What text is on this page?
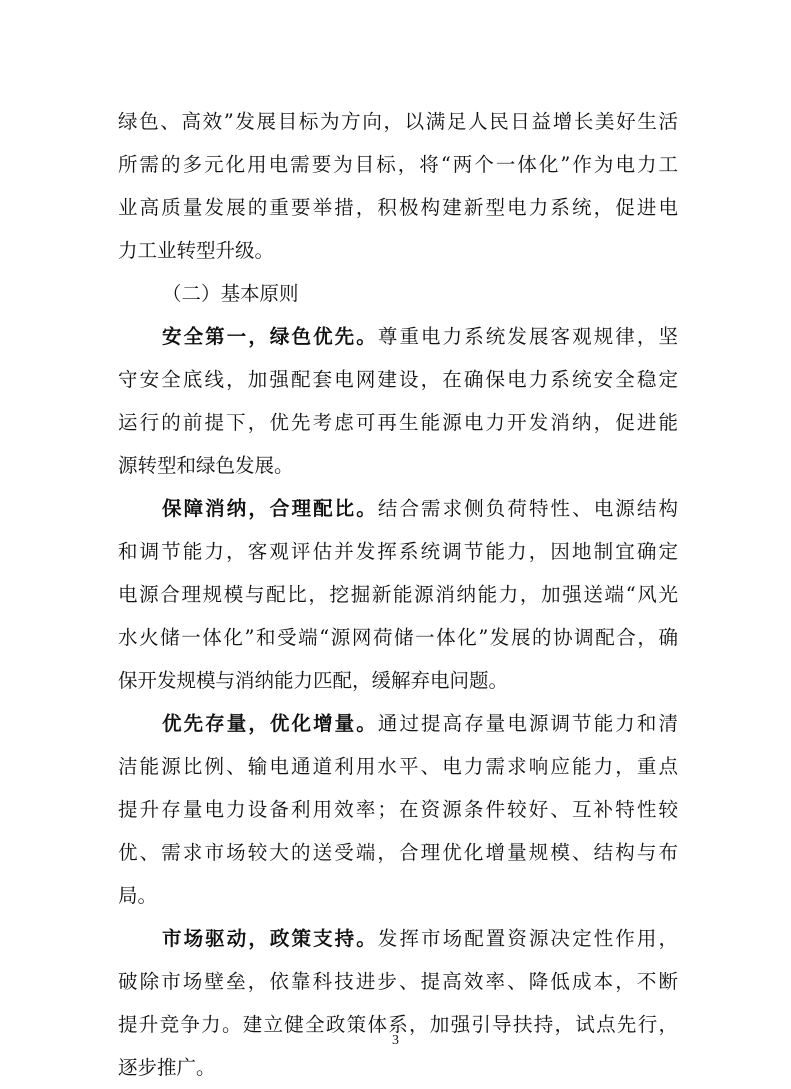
绿色、高效”发展目标为方向，以满足人民日益增长美好生活
所需的多元化用电需要为目标，将“两个一体化”作为电力工
业高质量发展的重要举措，积极构建新型电力系统，促进电
力工业转型升级。
（二）基本原则
安全第一，绿色优先。尊重电力系统发展客观规律，坚
守安全底线，加强配套电网建设，在确保电力系统安全稳定
运行的前提下，优先考虑可再生能源电力开发消纳，促进能
源转型和绿色发展。
保障消纳，合理配比。结合需求侧负荷特性、电源结构
和调节能力，客观评估并发挥系统调节能力，因地制宜确定
电源合理规模与配比，挖掘新能源消纳能力，加强送端“风光
水火储一体化”和受端“源网荷储一体化”发展的协调配合，确
保开发规模与消纳能力匹配，缓解弃电问题。
优先存量，优化增量。通过提高存量电源调节能力和清
洁能源比例、输电通道利用水平、电力需求响应能力，重点
提升存量电力设备利用效率；在资源条件较好、互补特性较
优、需求市场较大的送受端，合理优化增量规模、结构与布
局。
市场驱动，政策支持。发挥市场配置资源决定性作用，
破除市场壁垒，依靠科技进步、提高效率、降低成本，不断
提升竞争力。建立健全政策体系，加强引导扶持，试点先行，
逐步推广。
3
